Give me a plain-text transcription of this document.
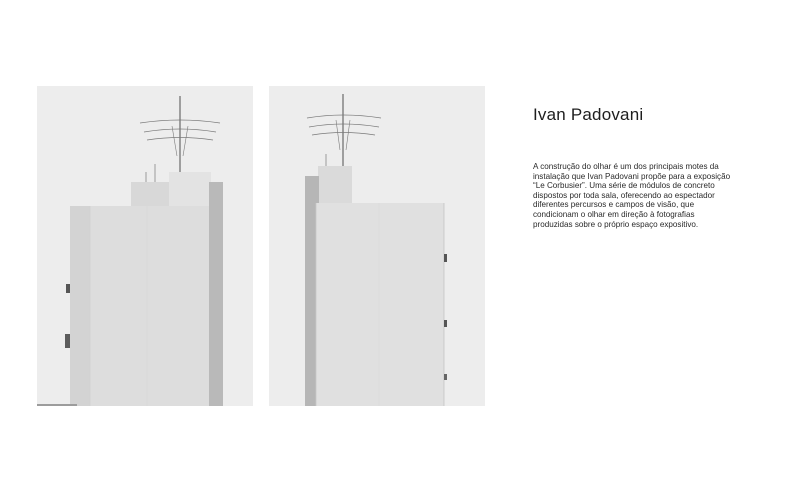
Ivan Padovani

A construção do olhar é um dos principais motes da instalação que Ivan Padovani propõe para a exposição “Le Corbusier”. Uma série de módulos de concreto dispostos por toda sala, oferecendo ao espectador diferentes percursos e campos de visão, que condicionam o olhar em direção à fotografias produzidas sobre o próprio espaço expositivo.
